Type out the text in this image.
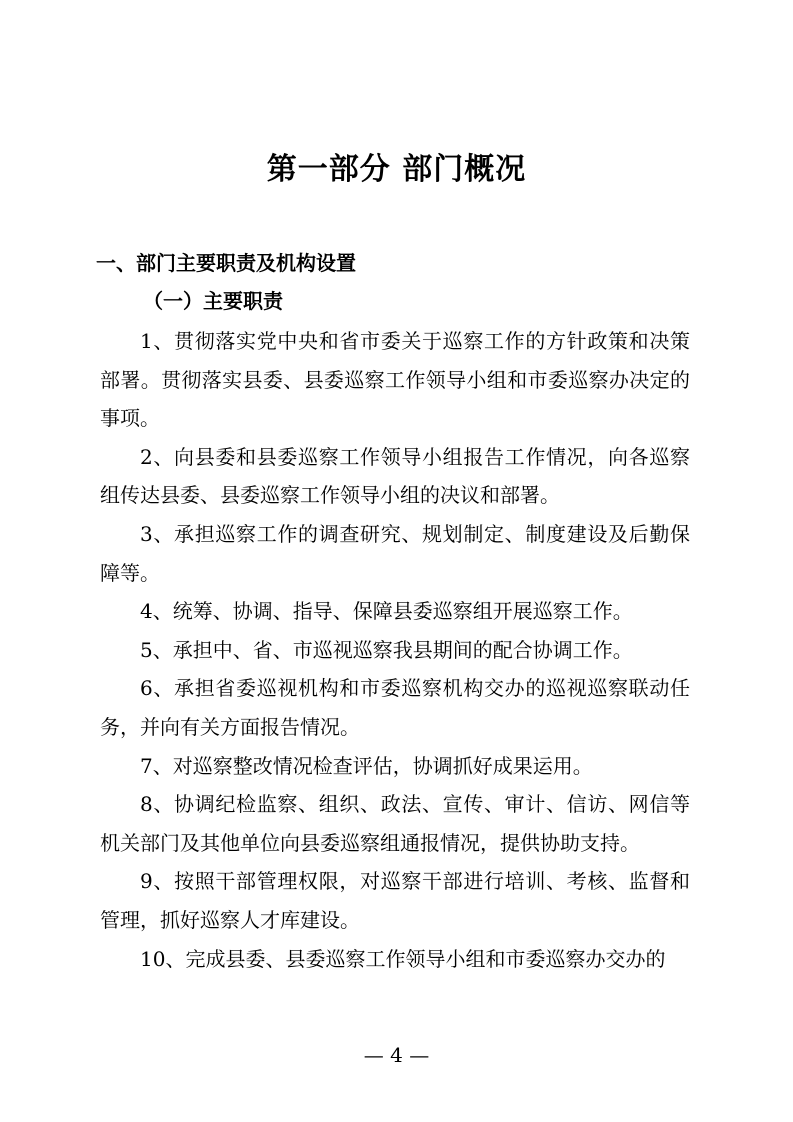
第一部分 部门概况
一、部门主要职责及机构设置
（一）主要职责

1、贯彻落实党中央和省市委关于巡察工作的方针政策和决策部署。贯彻落实县委、县委巡察工作领导小组和市委巡察办决定的事项。

2、向县委和县委巡察工作领导小组报告工作情况，向各巡察组传达县委、县委巡察工作领导小组的决议和部署。

3、承担巡察工作的调查研究、规划制定、制度建设及后勤保障等。

4、统筹、协调、指导、保障县委巡察组开展巡察工作。

5、承担中、省、市巡视巡察我县期间的配合协调工作。

6、承担省委巡视机构和市委巡察机构交办的巡视巡察联动任务，并向有关方面报告情况。

7、对巡察整改情况检查评估，协调抓好成果运用。

8、协调纪检监察、组织、政法、宣传、审计、信访、网信等机关部门及其他单位向县委巡察组通报情况，提供协助支持。

9、按照干部管理权限，对巡察干部进行培训、考核、监督和管理，抓好巡察人才库建设。

10、完成县委、县委巡察工作领导小组和市委巡察办交办的

— 4 —
